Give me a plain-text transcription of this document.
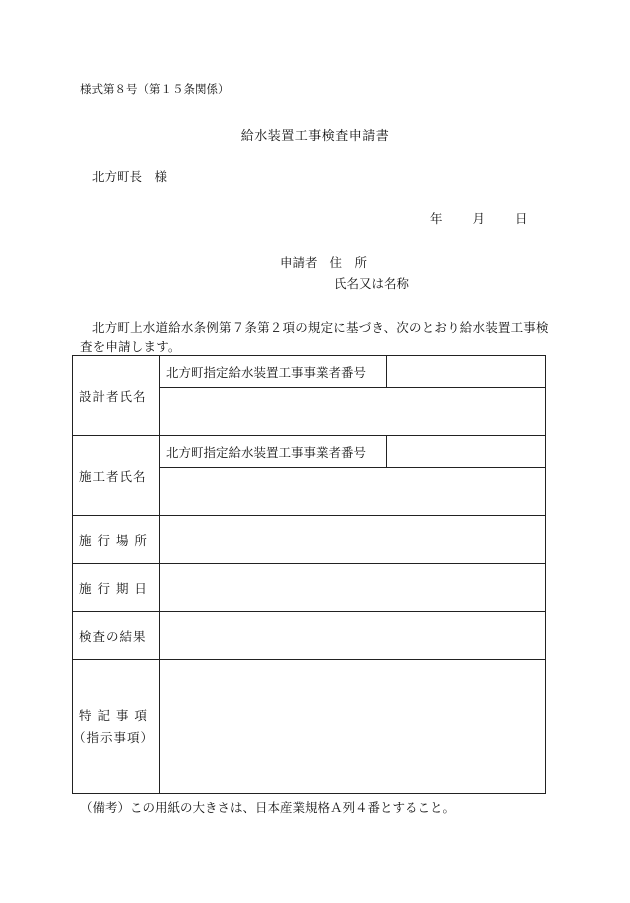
様式第８号（第１５条関係）
給水装置工事検査申請書
北方町長　様
年 月 日
申請者 住　所
氏名又は名称
北方町上水道給水条例第７条第２項の規定に基づき、次のとおり給水装置工事検査を申請します。
設計者氏名	北方町指定給水装置工事事業者番号	

施工者氏名	北方町指定給水装置工事事業者番号	

施 行 場 所		
施 行 期 日		
検査の結果		

特 記 事 項
（指示事項）		

（備考）この用紙の大きさは、日本産業規格Ａ列４番とすること。
